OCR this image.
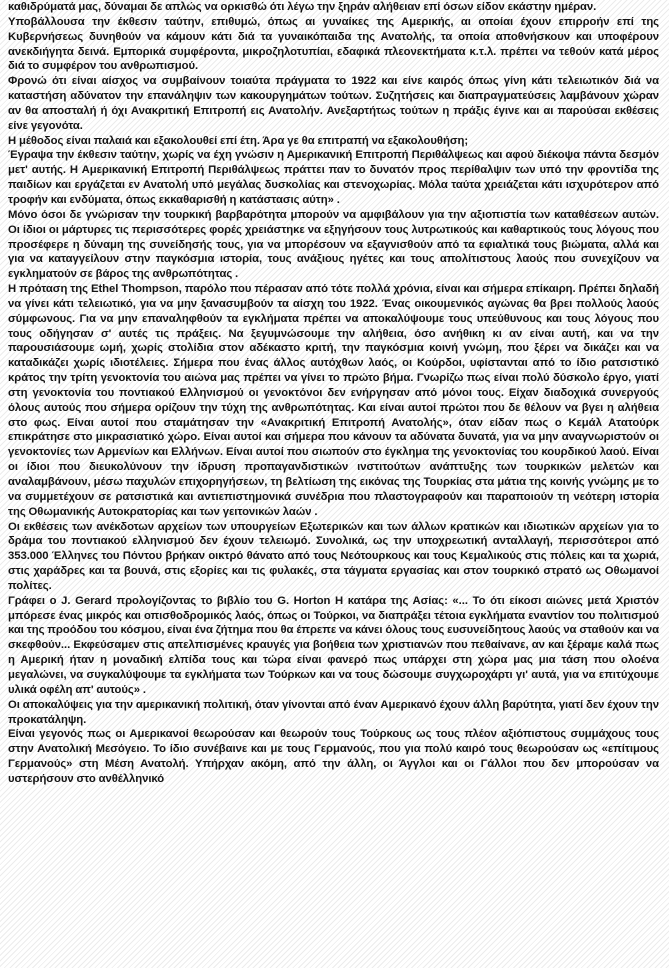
καθιδρύματά μας, δύναμαι δε απλώς να ορκισθώ ότι λέγω την ξηράν αλήθειαν επί όσων είδον εκάστην ημέραν.

Υποβάλλουσα την έκθεσιν ταύτην, επιθυμώ, όπως αι γυναίκες της Αμερικής, αι οποίαι έχουν επιρροήν επί της Κυβερνήσεως δυνηθούν να κάμουν κάτι διά τα γυναικόπαιδα της Ανατολής, τα οποία αποθνήσκουν και υποφέρουν ανεκδιήγητα δεινά. Εμπορικά συμφέροντα, μικροζηλοτυπίαι, εδαφικά πλεονεκτήματα κ.τ.λ. πρέπει να τεθούν κατά μέρος διά το συμφέρον του ανθρωπισμού.

Φρονώ ότι είναι αίσχος να συμβαίνουν τοιαύτα πράγματα το 1922 και είνε καιρός όπως γίνη κάτι τελειωτικόν διά να καταστήση αδύνατον την επανάληψιν των κακουργημάτων τούτων. Συζητήσεις και διαπραγματεύσεις λαμβάνουν χώραν αν θα αποσταλή ή όχι Ανακριτική Επιτροπή εις Ανατολήν. Ανεξαρτήτως τούτων η πράξις έγινε και αι παρούσαι εκθέσεις είνε γεγονότα.

Η μέθοδος είναι παλαιά και εξακολουθεί επί έτη. Άρα γε θα επιτραπή να εξακολουθήση;

Έγραψα την έκθεσιν ταύτην, χωρίς να έχη γνώσιν η Αμερικανική Επιτροπή Περιθάλψεως και αφού διέκοψα πάντα δεσμόν μετ' αυτής. Η Αμερικανική Επιτροπή Περιθάλψεως πράττει παν το δυνατόν προς περίθαλψιν των υπό την φροντίδα της παιδίων και εργάζεται εν Ανατολή υπό μεγάλας δυσκολίας και στενοχωρίας. Μόλα ταύτα χρειάζεται κάτι ισχυρότερον από τροφήν και ενδύματα, όπως εκκαθαρισθή η κατάστασις αύτη» .

Μόνο όσοι δε γνώρισαν την τουρκική βαρβαρότητα μπορούν να αμφιβάλουν για την αξιοπιστία των καταθέσεων αυτών. Οι ίδιοι οι μάρτυρες τις περισσότερες φορές χρειάστηκε να εξηγήσουν τους λυτρωτικούς και καθαρτικούς τους λόγους που προσέφερε η δύναμη της συνείδησής τους, για να μπορέσουν να εξαγνισθούν από τα εφιαλτικά τους βιώματα, αλλά και για να καταγγείλουν στην παγκόσμια ιστορία, τους ανάξιους ηγέτες και τους απολίτιστους λαούς που συνεχίζουν να εγκληματούν σε βάρος της ανθρωπότητας .

Η πρόταση της Ethel Thompson, παρόλο που πέρασαν από τότε πολλά χρόνια, είναι και σήμερα επίκαιρη. Πρέπει δηλαδή να γίνει κάτι τελειωτικό, για να μην ξανασυμβούν τα αίσχη του 1922. Ένας οικουμενικός αγώνας θα βρει πολλούς λαούς σύμφωνους. Για να μην επαναληφθούν τα εγκλήματα πρέπει να αποκαλύψουμε τους υπεύθυνους και τους λόγους που τους οδήγησαν σ' αυτές τις πράξεις. Να ξεγυμνώσουμε την αλήθεια, όσο ανήθικη κι αν είναι αυτή, και να την παρουσιάσουμε ωμή, χωρίς στολίδια στον αδέκαστο κριτή, την παγκόσμια κοινή γνώμη, που ξέρει να δικάζει και να καταδικάζει χωρίς ιδιοτέλειες. Σήμερα που ένας άλλος αυτόχθων λαός, οι Κούρδοι, υφίστανται από το ίδιο ρατσιστικό κράτος την τρίτη γενοκτονία του αιώνα μας πρέπει να γίνει το πρώτο βήμα. Γνωρίζω πως είναι πολύ δύσκολο έργο, γιατί στη γενοκτονία του ποντιακού Ελληνισμού οι γενοκτόνοι δεν ενήργησαν από μόνοι τους. Είχαν διαδοχικά συνεργούς όλους αυτούς που σήμερα ορίζουν την τύχη της ανθρωπότητας. Και είναι αυτοί πρώτοι που δε θέλουν να βγει η αλήθεια στο φως. Είναι αυτοί που σταμάτησαν την «Ανακριτική Επιτροπή Ανατολής», όταν είδαν πως ο Κεμάλ Ατατούρκ επικράτησε στο μικρασιατικό χώρο. Είναι αυτοί και σήμερα που κάνουν τα αδύνατα δυνατά, για να μην αναγνωριστούν οι γενοκτονίες των Αρμενίων και Ελλήνων. Είναι αυτοί που σιωπούν στο έγκλημα της γενοκτονίας του κουρδικού λαού. Είναι οι ίδιοι που διευκολύνουν την ίδρυση προπαγανδιστικών ινστιτούτων ανάπτυξης των τουρκικών μελετών και αναλαμβάνουν, μέσω παχυλών επιχορηγήσεων, τη βελτίωση της εικόνας της Τουρκίας στα μάτια της κοινής γνώμης με το να συμμετέχουν σε ρατσιστικά και αντιεπιστημονικά συνέδρια που πλαστογραφούν και παραποιούν τη νεότερη ιστορία της Οθωμανικής Αυτοκρατορίας και των γειτονικών λαών .

Οι εκθέσεις των ανέκδοτων αρχείων των υπουργείων Εξωτερικών και των άλλων κρατικών και ιδιωτικών αρχείων για το δράμα του ποντιακού ελληνισμού δεν έχουν τελειωμό. Συνολικά, ως την υποχρεωτική ανταλλαγή, περισσότεροι από 353.000 Έλληνες του Πόντου βρήκαν οικτρό θάνατο από τους Νεότουρκους και τους Κεμαλικούς στις πόλεις και τα χωριά, στις χαράδρες και τα βουνά, στις εξορίες και τις φυλακές, στα τάγματα εργασίας και στον τουρκικό στρατό ως Οθωμανοί πολίτες.

Γράφει ο J. Gerard προλογίζοντας το βιβλίο του G. Horton Η κατάρα της Ασίας: «... Το ότι είκοσι αιώνες μετά Χριστόν μπόρεσε ένας μικρός και οπισθοδρομικός λαός, όπως οι Τούρκοι, να διαπράξει τέτοια εγκλήματα εναντίον του πολιτισμού και της προόδου του κόσμου, είναι ένα ζήτημα που θα έπρεπε να κάνει όλους τους ευσυνείδητους λαούς να σταθούν και να σκεφθούν... Εκφεύσαμεν στις απελπισμένες κραυγές για βοήθεια των χριστιανών που πεθαίνανε, αν και ξέραμε καλά πως η Αμερική ήταν η μοναδική ελπίδα τους και τώρα είναι φανερό πως υπάρχει στη χώρα μας μια τάση που ολοένα μεγαλώνει, να συγκαλύψουμε τα εγκλήματα των Τούρκων και να τους δώσουμε συγχωροχάρτι γι' αυτά, για να επιτύχουμε υλικά οφέλη απ' αυτούς» .

Οι αποκαλύψεις για την αμερικανική πολιτική, όταν γίνονται από έναν Αμερικανό έχουν άλλη βαρύτητα, γιατί δεν έχουν την προκατάληψη.

Είναι γεγονός πως οι Αμερικανοί θεωρούσαν και θεωρούν τους Τούρκους ως τους πλέον αξιόπιστους συμμάχους τους στην Ανατολική Μεσόγειο. Το ίδιο συνέβαινε και με τους Γερμανούς, που για πολύ καιρό τους θεωρούσαν ως «επίτιμους Γερμανούς» στη Μέση Ανατολή. Υπήρχαν ακόμη, από την άλλη, οι Άγγλοι και οι Γάλλοι που δεν μπορούσαν να υστερήσουν στο ανθέλληνικό
